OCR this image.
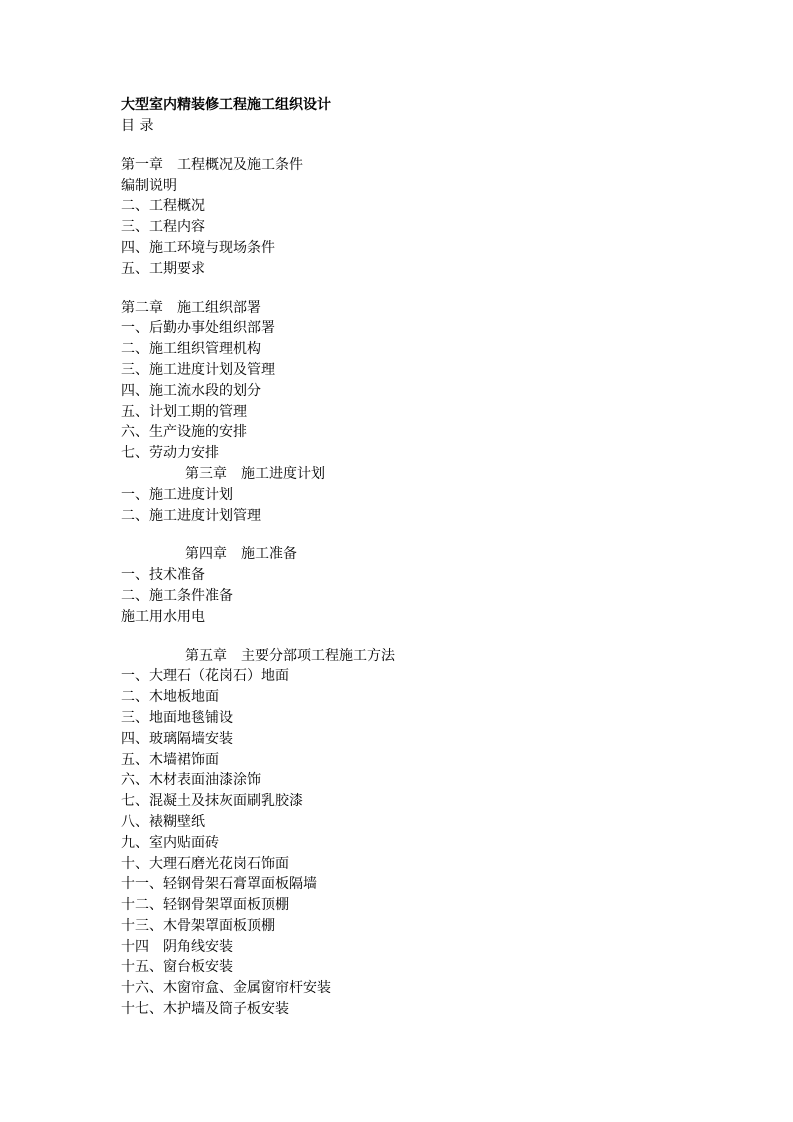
大型室内精装修工程施工组织设计
目 录
第一章　工程概况及施工条件
编制说明
二、工程概况
三、工程内容
四、施工环境与现场条件
五、工期要求
第二章　施工组织部署
一、后勤办事处组织部署
二、施工组织管理机构
三、施工进度计划及管理
四、施工流水段的划分
五、计划工期的管理
六、生产设施的安排
七、劳动力安排
第三章　施工进度计划
一、施工进度计划
二、施工进度计划管理
第四章　施工准备
一、技术准备
二、施工条件准备
施工用水用电
第五章　主要分部项工程施工方法
一、大理石（花岗石）地面
二、木地板地面
三、地面地毯铺设
四、玻璃隔墙安装
五、木墙裙饰面
六、木材表面油漆涂饰
七、混凝土及抹灰面刷乳胶漆
八、裱糊壁纸
九、室内贴面砖
十、大理石磨光花岗石饰面
十一、轻钢骨架石膏罩面板隔墙
十二、轻钢骨架罩面板顶棚
十三、木骨架罩面板顶棚
十四　阴角线安装
十五、窗台板安装
十六、木窗帘盒、金属窗帘杆安装
十七、木护墙及筒子板安装
